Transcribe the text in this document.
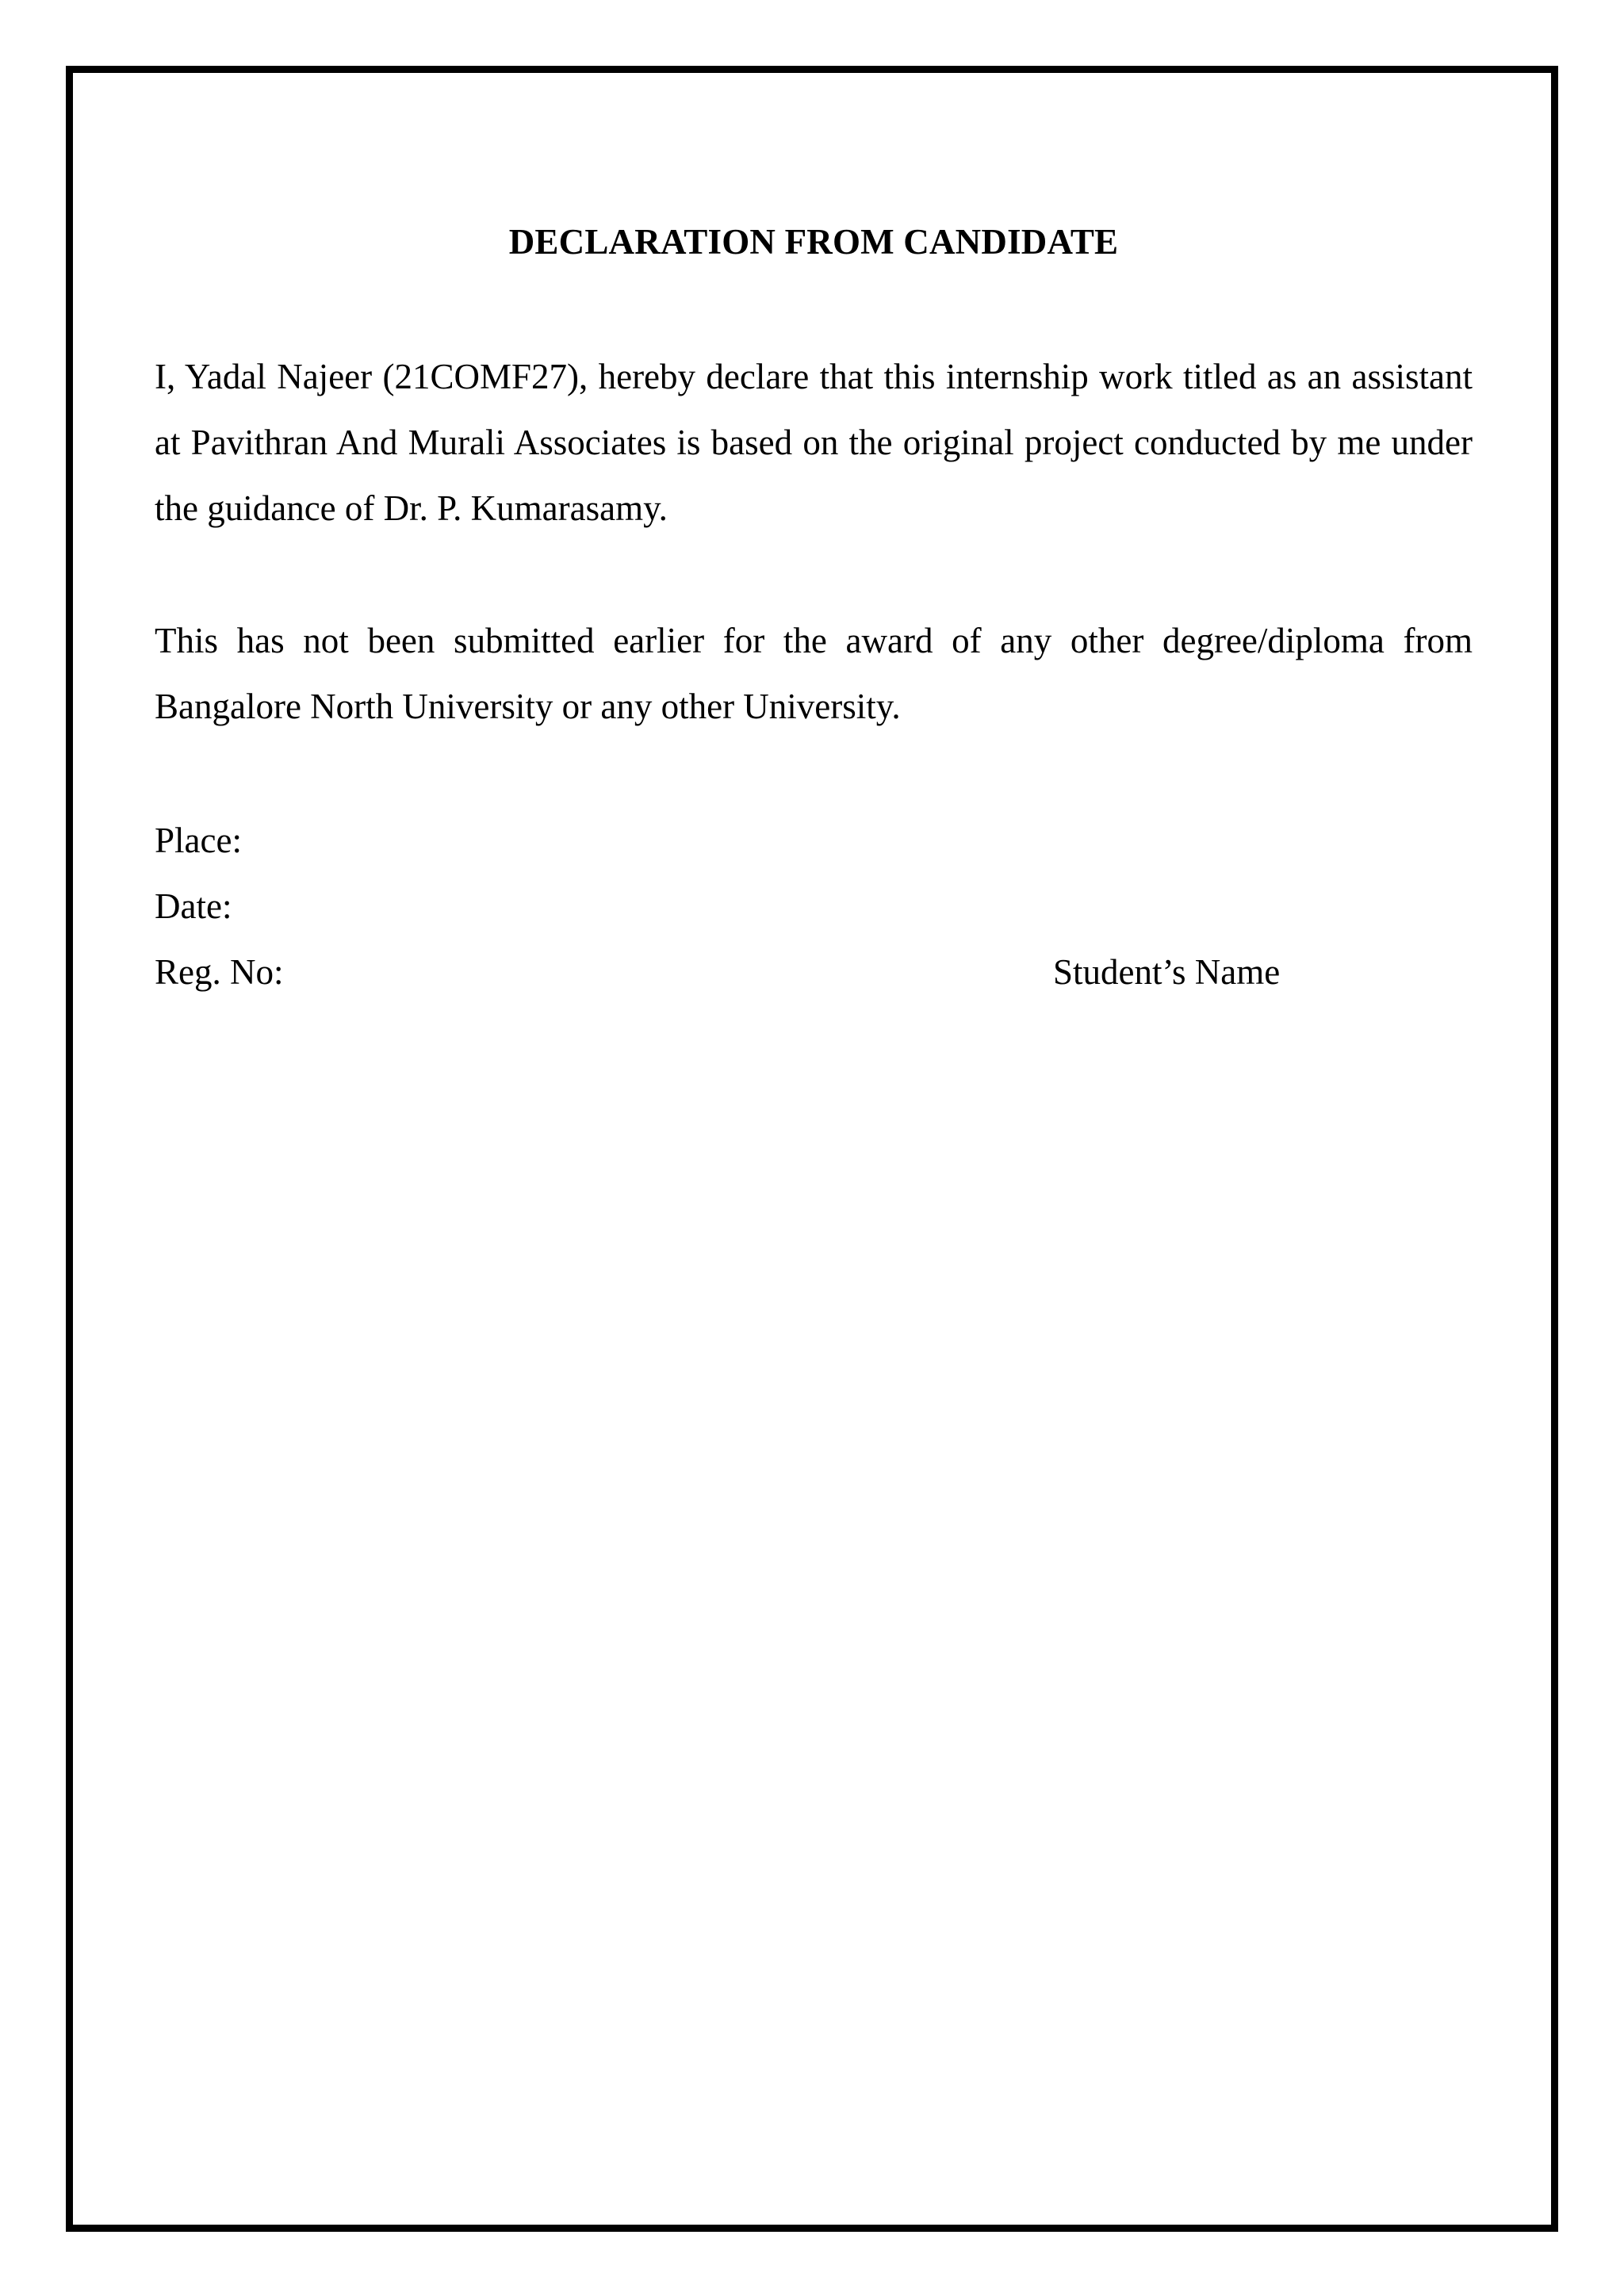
DECLARATION FROM CANDIDATE

I, Yadal Najeer (21COMF27), hereby declare that this internship work titled as an assistant at Pavithran And Murali Associates is based on the original project conducted by me under the guidance of Dr. P. Kumarasamy.

This has not been submitted earlier for the award of any other degree/diploma from Bangalore North University or any other University.

Place:

Date:

Reg. No:	Student’s Name
